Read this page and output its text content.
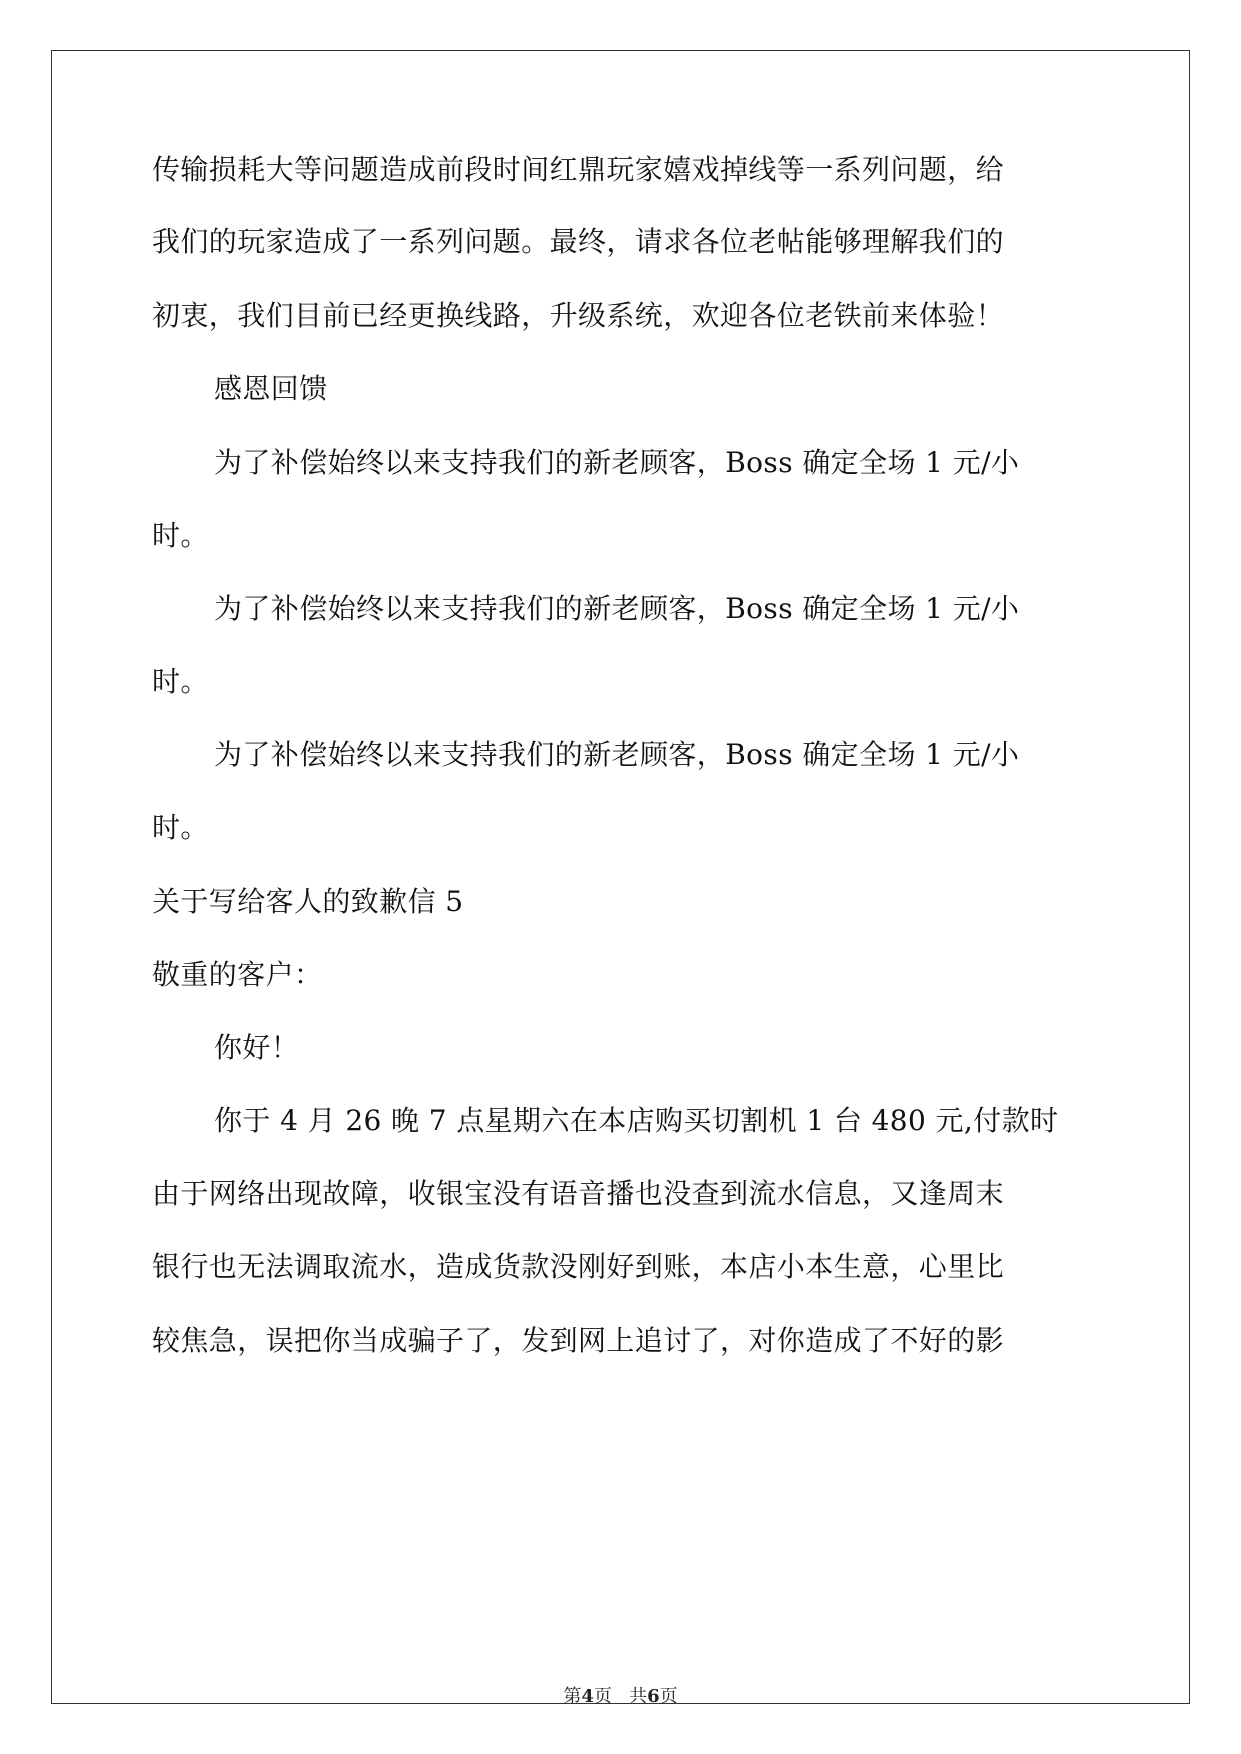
传输损耗大等问题造成前段时间红鼎玩家嬉戏掉线等一系列问题，给
我们的玩家造成了一系列问题。最终，请求各位老帖能够理解我们的
初衷，我们目前已经更换线路，升级系统，欢迎各位老铁前来体验！
感恩回馈
为了补偿始终以来支持我们的新老顾客，Boss 确定全场 1 元/小
时。
为了补偿始终以来支持我们的新老顾客，Boss 确定全场 1 元/小
时。
为了补偿始终以来支持我们的新老顾客，Boss 确定全场 1 元/小
时。
关于写给客人的致歉信 5
敬重的客户：
你好！
你于 4 月 26 晚 7 点星期六在本店购买切割机 1 台 480 元,付款时
由于网络出现故障，收银宝没有语音播也没查到流水信息，又逢周末
银行也无法调取流水，造成货款没刚好到账，本店小本生意，心里比
较焦急，误把你当成骗子了，发到网上追讨了，对你造成了不好的影
第4页   共6页
